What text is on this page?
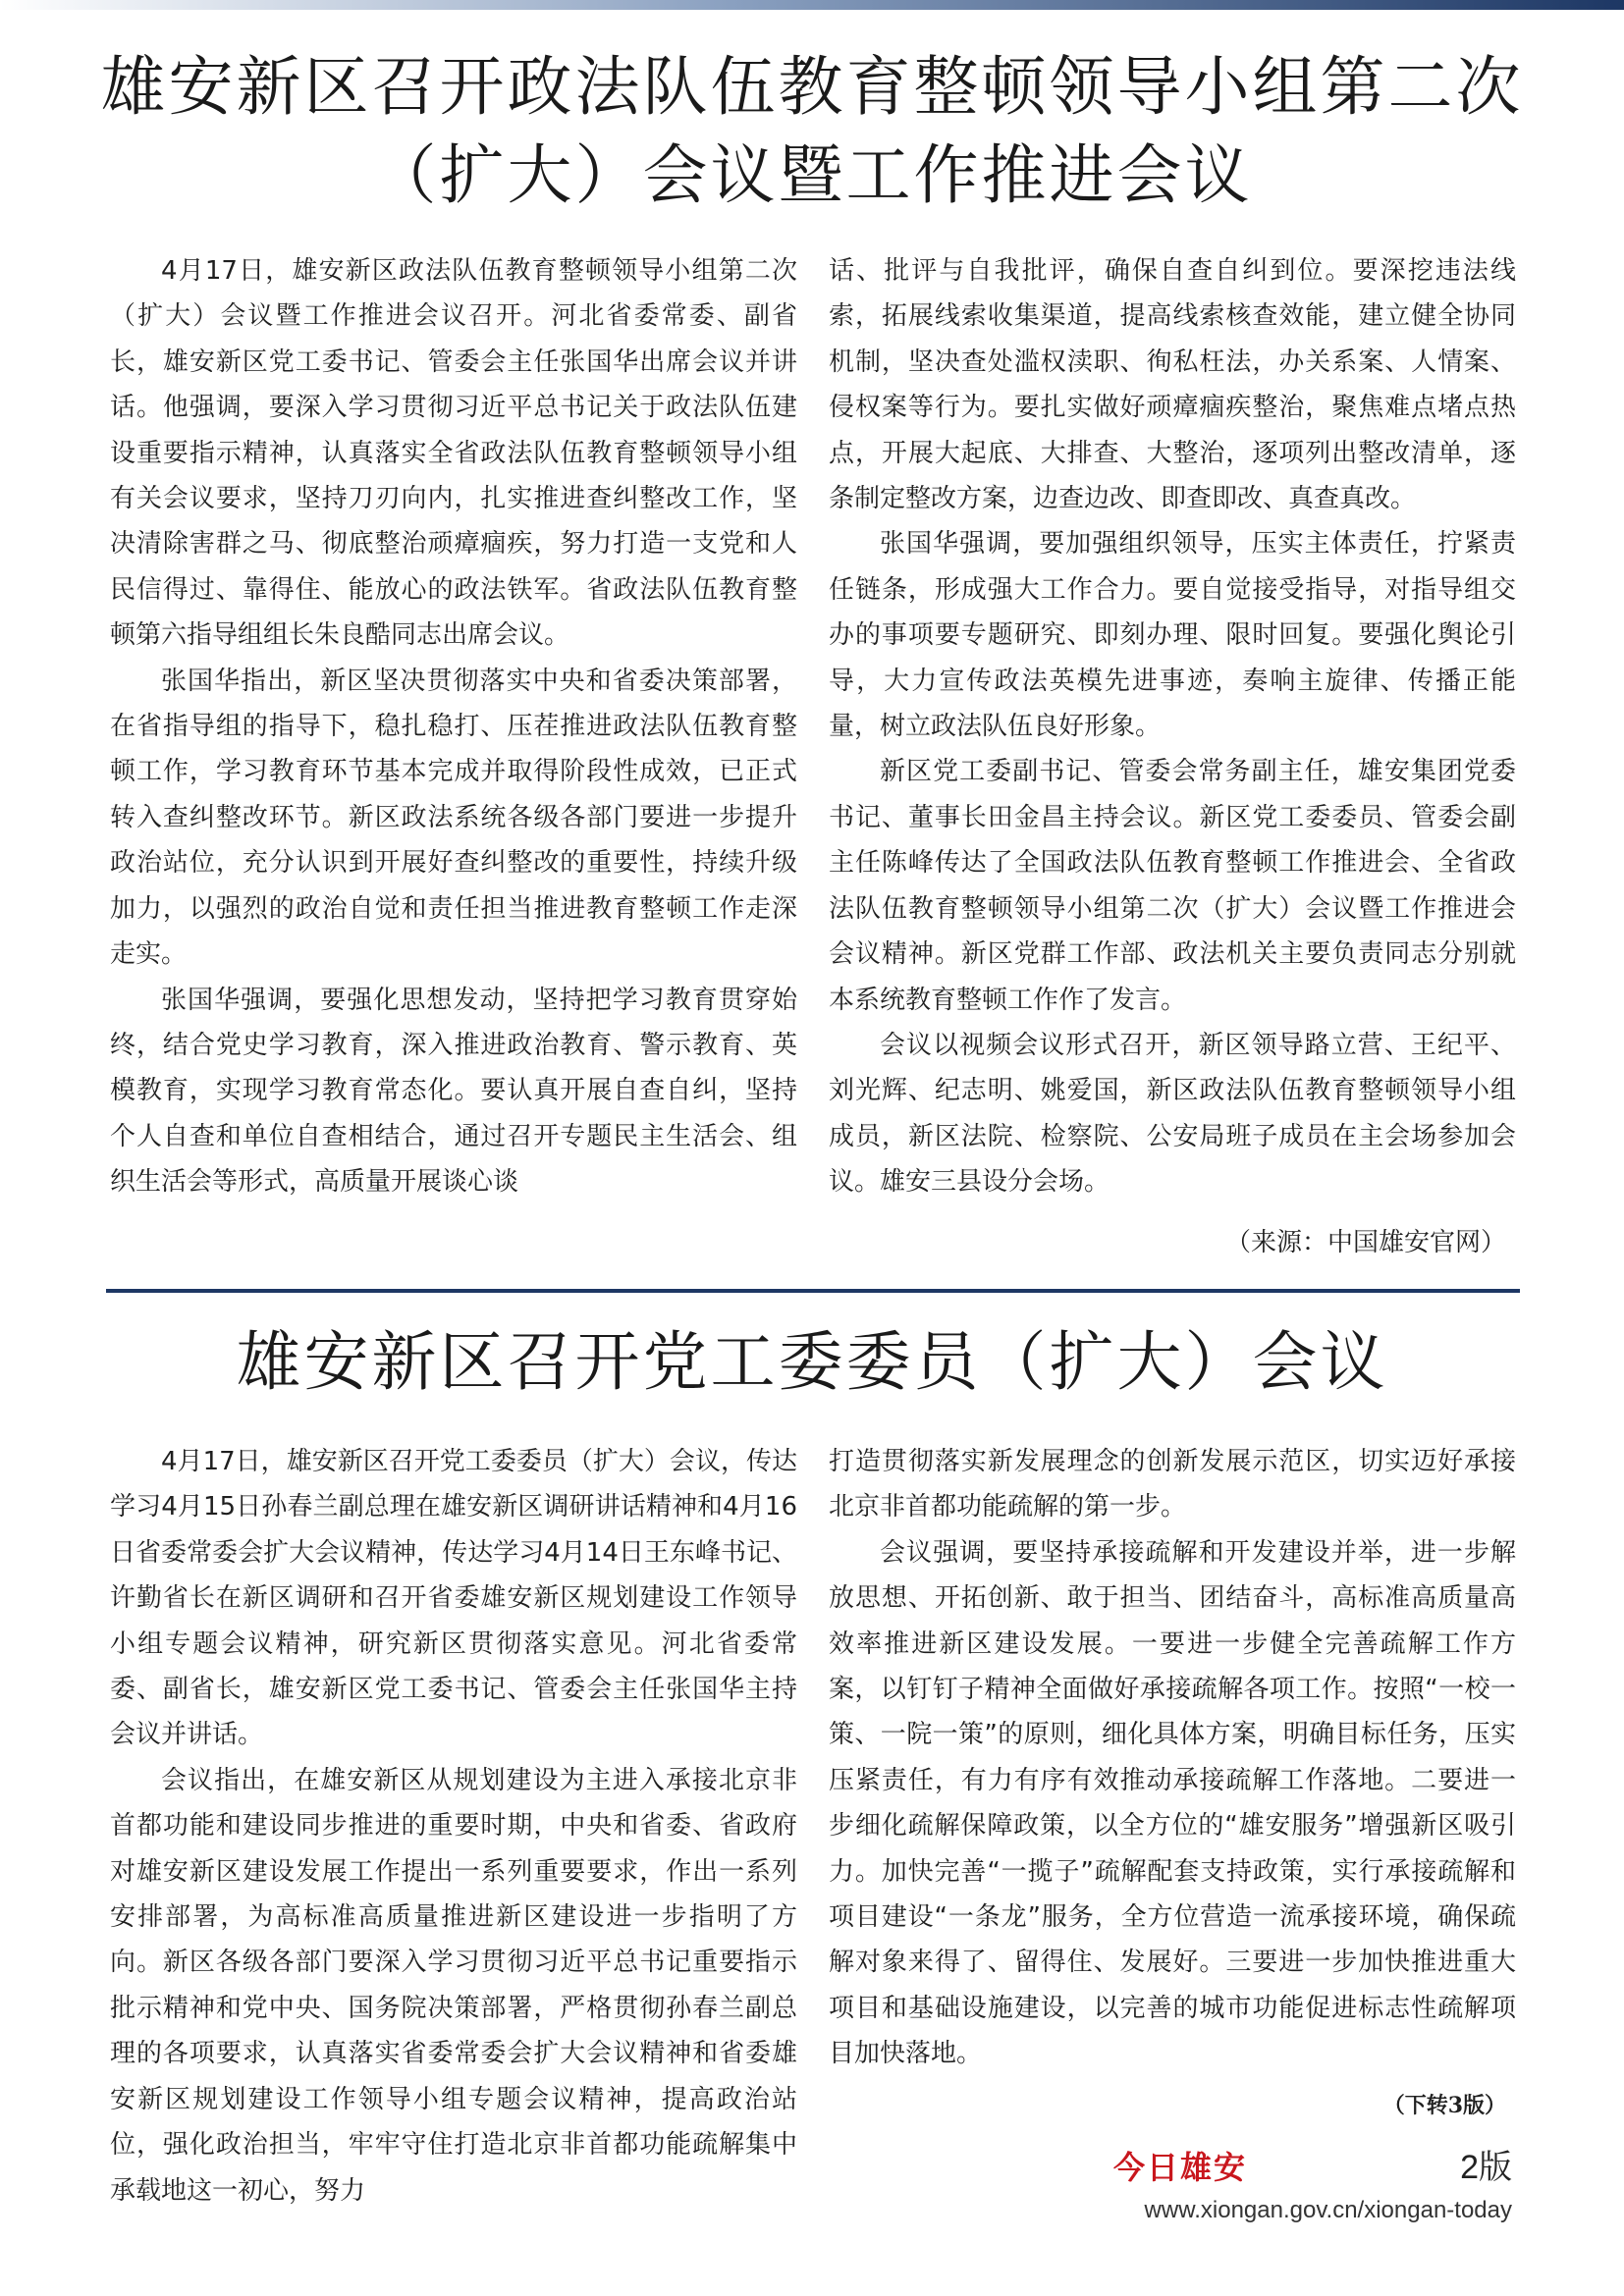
雄安新区召开政法队伍教育整顿领导小组第二次（扩大）会议暨工作推进会议

4月17日，雄安新区政法队伍教育整顿领导小组第二次（扩大）会议暨工作推进会议召开。河北省委常委、副省长，雄安新区党工委书记、管委会主任张国华出席会议并讲话。他强调，要深入学习贯彻习近平总书记关于政法队伍建设重要指示精神，认真落实全省政法队伍教育整顿领导小组有关会议要求，坚持刀刃向内，扎实推进查纠整改工作，坚决清除害群之马、彻底整治顽瘴痼疾，努力打造一支党和人民信得过、靠得住、能放心的政法铁军。省政法队伍教育整顿第六指导组组长朱良酷同志出席会议。

张国华指出，新区坚决贯彻落实中央和省委决策部署，在省指导组的指导下，稳扎稳打、压茬推进政法队伍教育整顿工作，学习教育环节基本完成并取得阶段性成效，已正式转入查纠整改环节。新区政法系统各级各部门要进一步提升政治站位，充分认识到开展好查纠整改的重要性，持续升级加力，以强烈的政治自觉和责任担当推进教育整顿工作走深走实。

张国华强调，要强化思想发动，坚持把学习教育贯穿始终，结合党史学习教育，深入推进政治教育、警示教育、英模教育，实现学习教育常态化。要认真开展自查自纠，坚持个人自查和单位自查相结合，通过召开专题民主生活会、组织生活会等形式，高质量开展谈心谈

话、批评与自我批评，确保自查自纠到位。要深挖违法线索，拓展线索收集渠道，提高线索核查效能，建立健全协同机制，坚决查处滥权渎职、徇私枉法，办关系案、人情案、侵权案等行为。要扎实做好顽瘴痼疾整治，聚焦难点堵点热点，开展大起底、大排查、大整治，逐项列出整改清单，逐条制定整改方案，边查边改、即查即改、真查真改。

张国华强调，要加强组织领导，压实主体责任，拧紧责任链条，形成强大工作合力。要自觉接受指导，对指导组交办的事项要专题研究、即刻办理、限时回复。要强化舆论引导，大力宣传政法英模先进事迹，奏响主旋律、传播正能量，树立政法队伍良好形象。

新区党工委副书记、管委会常务副主任，雄安集团党委书记、董事长田金昌主持会议。新区党工委委员、管委会副主任陈峰传达了全国政法队伍教育整顿工作推进会、全省政法队伍教育整顿领导小组第二次（扩大）会议暨工作推进会会议精神。新区党群工作部、政法机关主要负责同志分别就本系统教育整顿工作作了发言。

会议以视频会议形式召开，新区领导路立营、王纪平、刘光辉、纪志明、姚爱国，新区政法队伍教育整顿领导小组成员，新区法院、检察院、公安局班子成员在主会场参加会议。雄安三县设分会场。

（来源：中国雄安官网）
雄安新区召开党工委委员（扩大）会议

4月17日，雄安新区召开党工委委员（扩大）会议，传达学习4月15日孙春兰副总理在雄安新区调研讲话精神和4月16日省委常委会扩大会议精神，传达学习4月14日王东峰书记、许勤省长在新区调研和召开省委雄安新区规划建设工作领导小组专题会议精神，研究新区贯彻落实意见。河北省委常委、副省长，雄安新区党工委书记、管委会主任张国华主持会议并讲话。

会议指出，在雄安新区从规划建设为主进入承接北京非首都功能和建设同步推进的重要时期，中央和省委、省政府对雄安新区建设发展工作提出一系列重要要求，作出一系列安排部署，为高标准高质量推进新区建设进一步指明了方向。新区各级各部门要深入学习贯彻习近平总书记重要指示批示精神和党中央、国务院决策部署，严格贯彻孙春兰副总理的各项要求，认真落实省委常委会扩大会议精神和省委雄安新区规划建设工作领导小组专题会议精神，提高政治站位，强化政治担当，牢牢守住打造北京非首都功能疏解集中承载地这一初心，努力

打造贯彻落实新发展理念的创新发展示范区，切实迈好承接北京非首都功能疏解的第一步。

会议强调，要坚持承接疏解和开发建设并举，进一步解放思想、开拓创新、敢于担当、团结奋斗，高标准高质量高效率推进新区建设发展。一要进一步健全完善疏解工作方案，以钉钉子精神全面做好承接疏解各项工作。按照“一校一策、一院一策”的原则，细化具体方案，明确目标任务，压实压紧责任，有力有序有效推动承接疏解工作落地。二要进一步细化疏解保障政策，以全方位的“雄安服务”增强新区吸引力。加快完善“一揽子”疏解配套支持政策，实行承接疏解和项目建设“一条龙”服务，全方位营造一流承接环境，确保疏解对象来得了、留得住、发展好。三要进一步加快推进重大项目和基础设施建设，以完善的城市功能促进标志性疏解项目加快落地。

（下转3版）
今日雄安	2版
www.xiongan.gov.cn/xiongan-today
